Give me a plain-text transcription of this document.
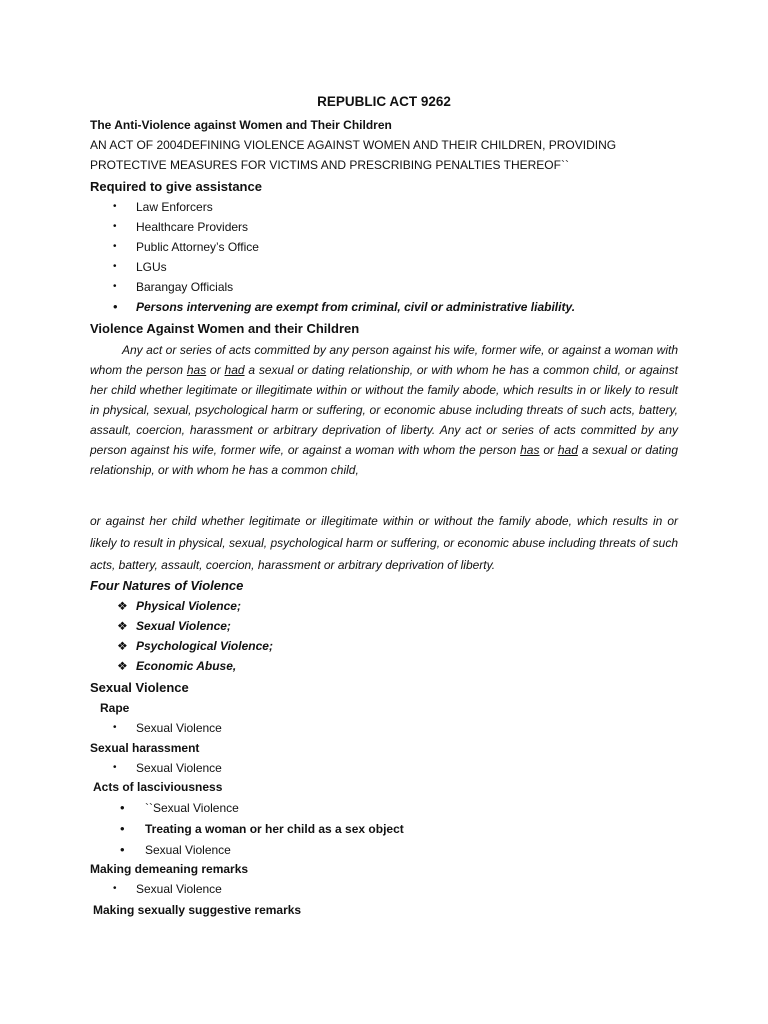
REPUBLIC ACT 9262
The Anti-Violence against Women and Their Children
AN ACT OF 2004DEFINING VIOLENCE AGAINST WOMEN AND THEIR CHILDREN, PROVIDING
PROTECTIVE MEASURES FOR VICTIMS AND PRESCRIBING PENALTIES THEREOF``
Required to give assistance
• Law Enforcers
• Healthcare Providers
• Public Attorney’s Office
• LGUs
• Barangay Officials
• Persons intervening are exempt from criminal, civil or administrative liability.
Violence Against Women and their Children

Any act or series of acts committed by any person against his wife, former wife, or against a woman with whom the person has or had a sexual or dating relationship, or with whom he has a common child, or against her child whether legitimate or illegitimate within or without the family abode, which results in or likely to result in physical, sexual, psychological harm or suffering, or economic abuse including threats of such acts, battery, assault, coercion, harassment or arbitrary deprivation of liberty. Any act or series of acts committed by any person against his wife, former wife, or against a woman with whom the person has or had a sexual or dating relationship, or with whom he has a common child,

or against her child whether legitimate or illegitimate within or without the family abode, which results in or likely to result in physical, sexual, psychological harm or suffering, or economic abuse including threats of such acts, battery, assault, coercion, harassment or arbitrary deprivation of liberty.

Four Natures of Violence
❖ Physical Violence;
❖ Sexual Violence;
❖ Psychological Violence;
❖ Economic Abuse,
Sexual Violence
Rape
• Sexual Violence
Sexual harassment
• Sexual Violence
Acts of lasciviousness
• ``Sexual Violence
• Treating a woman or her child as a sex object
• Sexual Violence
Making demeaning remarks
• Sexual Violence
Making sexually suggestive remarks
